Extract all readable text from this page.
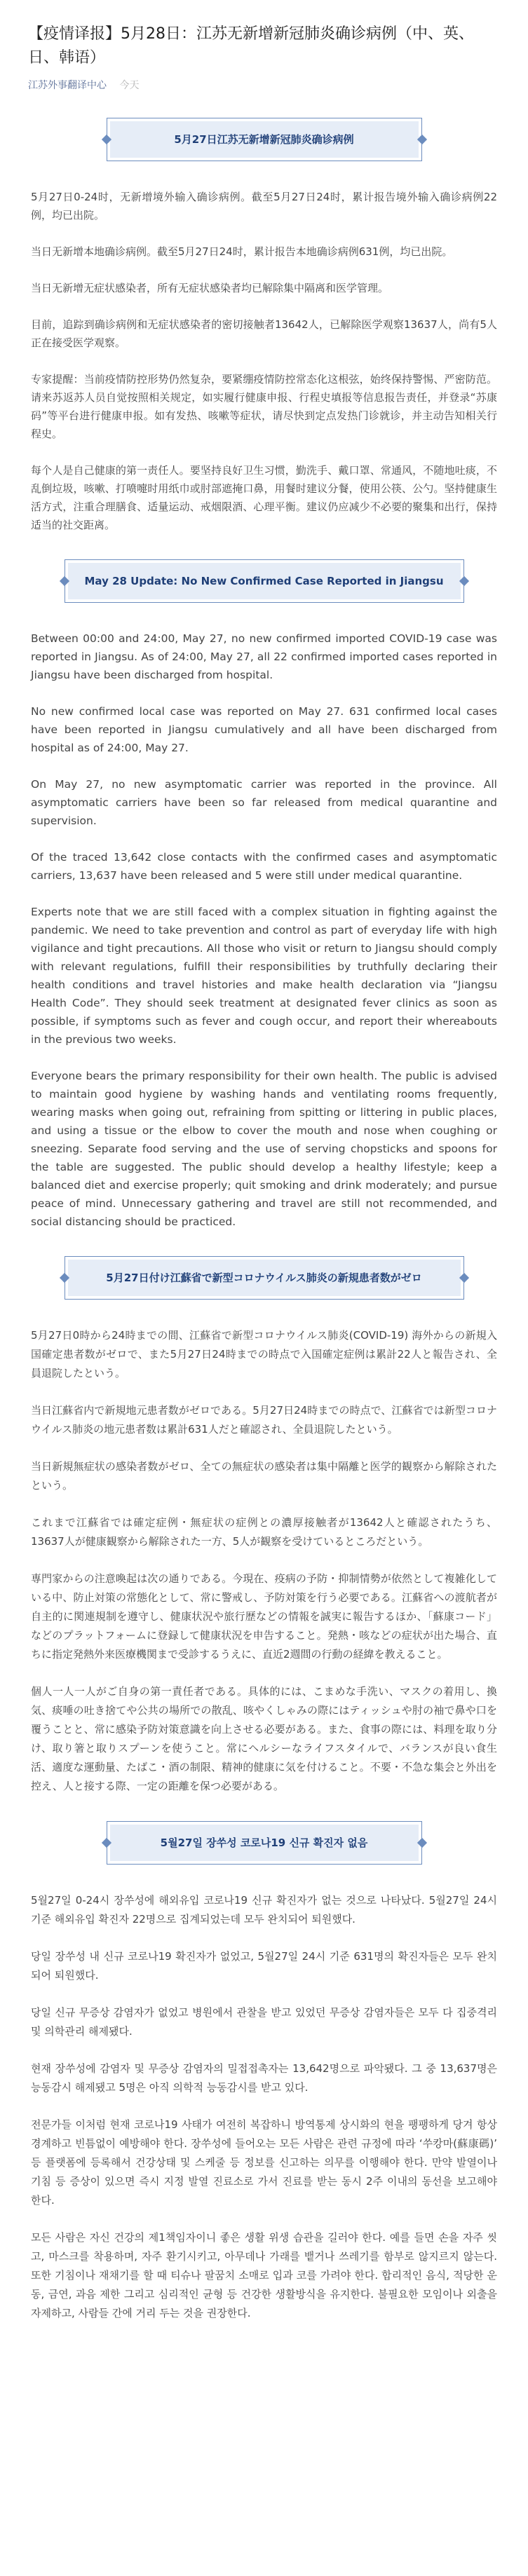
【疫情译报】5月28日：江苏无新增新冠肺炎确诊病例（中、英、日、韩语）
江苏外事翻译中心 今天
5月27日江苏无新增新冠肺炎确诊病例

5月27日0-24时，无新增境外输入确诊病例。截至5月27日24时，累计报告境外输入确诊病例22例，均已出院。

当日无新增本地确诊病例。截至5月27日24时，累计报告本地确诊病例631例，均已出院。

当日无新增无症状感染者，所有无症状感染者均已解除集中隔离和医学管理。

目前，追踪到确诊病例和无症状感染者的密切接触者13642人，已解除医学观察13637人，尚有5人正在接受医学观察。

专家提醒：当前疫情防控形势仍然复杂，要紧绷疫情防控常态化这根弦，始终保持警惕、严密防范。请来苏返苏人员自觉按照相关规定，如实履行健康申报、行程史填报等信息报告责任，并登录“苏康码”等平台进行健康申报。如有发热、咳嗽等症状，请尽快到定点发热门诊就诊，并主动告知相关行程史。

每个人是自己健康的第一责任人。要坚持良好卫生习惯，勤洗手、戴口罩、常通风，不随地吐痰，不乱倒垃圾，咳嗽、打喷嚏时用纸巾或肘部遮掩口鼻，用餐时建议分餐，使用公筷、公勺。坚持健康生活方式，注重合理膳食、适量运动、戒烟限酒、心理平衡。建议仍应减少不必要的聚集和出行，保持适当的社交距离。

May 28 Update: No New Confirmed Case Reported in Jiangsu

Between 00:00 and 24:00, May 27, no new confirmed imported COVID-19 case was reported in Jiangsu. As of 24:00, May 27, all 22 confirmed imported cases reported in Jiangsu have been discharged from hospital.

No new confirmed local case was reported on May 27. 631 confirmed local cases have been reported in Jiangsu cumulatively and all have been discharged from hospital as of 24:00, May 27.

On May 27, no new asymptomatic carrier was reported in the province. All asymptomatic carriers have been so far released from medical quarantine and supervision.

Of the traced 13,642 close contacts with the confirmed cases and asymptomatic carriers, 13,637 have been released and 5 were still under medical quarantine.

Experts note that we are still faced with a complex situation in fighting against the pandemic. We need to take prevention and control as part of everyday life with high vigilance and tight precautions. All those who visit or return to Jiangsu should comply with relevant regulations, fulfill their responsibilities by truthfully declaring their health conditions and travel histories and make health declaration via “Jiangsu Health Code”. They should seek treatment at designated fever clinics as soon as possible, if symptoms such as fever and cough occur, and report their whereabouts in the previous two weeks.

Everyone bears the primary responsibility for their own health. The public is advised to maintain good hygiene by washing hands and ventilating rooms frequently, wearing masks when going out, refraining from spitting or littering in public places, and using a tissue or the elbow to cover the mouth and nose when coughing or sneezing. Separate food serving and the use of serving chopsticks and spoons for the table are suggested. The public should develop a healthy lifestyle; keep a balanced diet and exercise properly; quit smoking and drink moderately; and pursue peace of mind. Unnecessary gathering and travel are still not recommended, and social distancing should be practiced.

5月27日付け江蘇省で新型コロナウイルス肺炎の新規患者数がゼロ

5月27日0時から24時までの間、江蘇省で新型コロナウイルス肺炎(COVID-19) 海外からの新規入国確定患者数がゼロで、また5月27日24時までの時点で入国確定症例は累計22人と報告され、全員退院したという。

当日江蘇省内で新規地元患者数がゼロである。5月27日24時までの時点で、江蘇省では新型コロナウイルス肺炎の地元患者数は累計631人だと確認され、全員退院したという。

当日新規無症状の感染者数がゼロ、全ての無症状の感染者は集中隔離と医学的観察から解除されたという。

これまで江蘇省では確定症例・無症状の症例との濃厚接触者が13642人と確認されたうち、13637人が健康観察から解除された一方、5人が観察を受けているところだという。

専門家からの注意喚起は次の通りである。今現在、疫病の予防・抑制情勢が依然として複雑化している中、防止対策の常態化として、常に警戒し、予防対策を行う必要である。江蘇省への渡航者が自主的に関連規制を遵守し、健康状況や旅行歴などの情報を誠実に報告するほか、「蘇康コード」などのプラットフォームに登録して健康状況を申告すること。発熱・咳などの症状が出た場合、直ちに指定発熱外来医療機関まで受診するうえに、直近2週間の行動の経緯を教えること。

個人一人一人がご自身の第一責任者である。具体的には、こまめな手洗い、マスクの着用し、換気、痰唾の吐き捨てや公共の場所での散乱、咳やくしゃみの際にはティッシュや肘の袖で鼻や口を覆うことと、常に感染予防対策意識を向上させる必要がある。また、食事の際には、料理を取り分け、取り箸と取りスプーンを使うこと。常にヘルシーなライフスタイルで、バランスが良い食生活、適度な運動量、たばこ・酒の制限、精神的健康に気を付けること。不要・不急な集会と外出を控え、人と接する際、一定の距離を保つ必要がある。

5월27일 장쑤성 코로나19 신규 확진자 없음

5월27일 0-24시 장쑤성에 해외유입 코로나19 신규 확진자가 없는 것으로 나타났다. 5월27일 24시 기준 해외유입 확진자 22명으로 집계되었는데 모두 완치되어 퇴원했다.

당일 장쑤성 내 신규 코로나19 확진자가 없었고, 5월27일 24시 기준 631명의 확진자들은 모두 완치되어 퇴원했다.

당일 신규 무증상 감염자가 없었고 병원에서 관찰을 받고 있었던 무증상 감염자들은 모두 다 집중격리 및 의학관리 해제됐다.

현재 장쑤성에 감염자 및 무증상 감염자의 밀접접촉자는 13,642명으로 파악됐다. 그 중 13,637명은 능동감시 해제됐고 5명은 아직 의학적 능동감시를 받고 있다.

전문가들 이처럼 현재 코로나19 사태가 여전히 복잡하니 방역통제 상시화의 현을 팽팽하게 당겨 항상 경계하고 빈틈없이 예방해야 한다. 장쑤성에 들어오는 모든 사람은 관련 규정에 따라 ‘쑤캉마(蘇康碼)’ 등 플랫폼에 등록해서 건강상태 및 스케줄 등 정보를 신고하는 의무를 이행해야 한다. 만약 발열이나 기침 등 증상이 있으면 즉시 지정 발열 진료소로 가서 진료를 받는 동시 2주 이내의 동선을 보고해야 한다.

모든 사람은 자신 건강의 제1책임자이니 좋은 생활 위생 습관을 길러야 한다. 예를 들면 손을 자주 씻고, 마스크를 착용하며, 자주 환기시키고, 아무데나 가래를 뱉거나 쓰레기를 함부로 않지르지 않는다. 또한 기침이나 재채기를 할 때 티슈나 팔꿈치 소매로 입과 코를 가려야 한다. 합리적인 음식, 적당한 운동, 금연, 과음 제한 그리고 심리적인 균형 등 건강한 생활방식을 유지한다. 불필요한 모임이나 외출을 자제하고, 사람들 간에 거리 두는 것을 권장한다.
